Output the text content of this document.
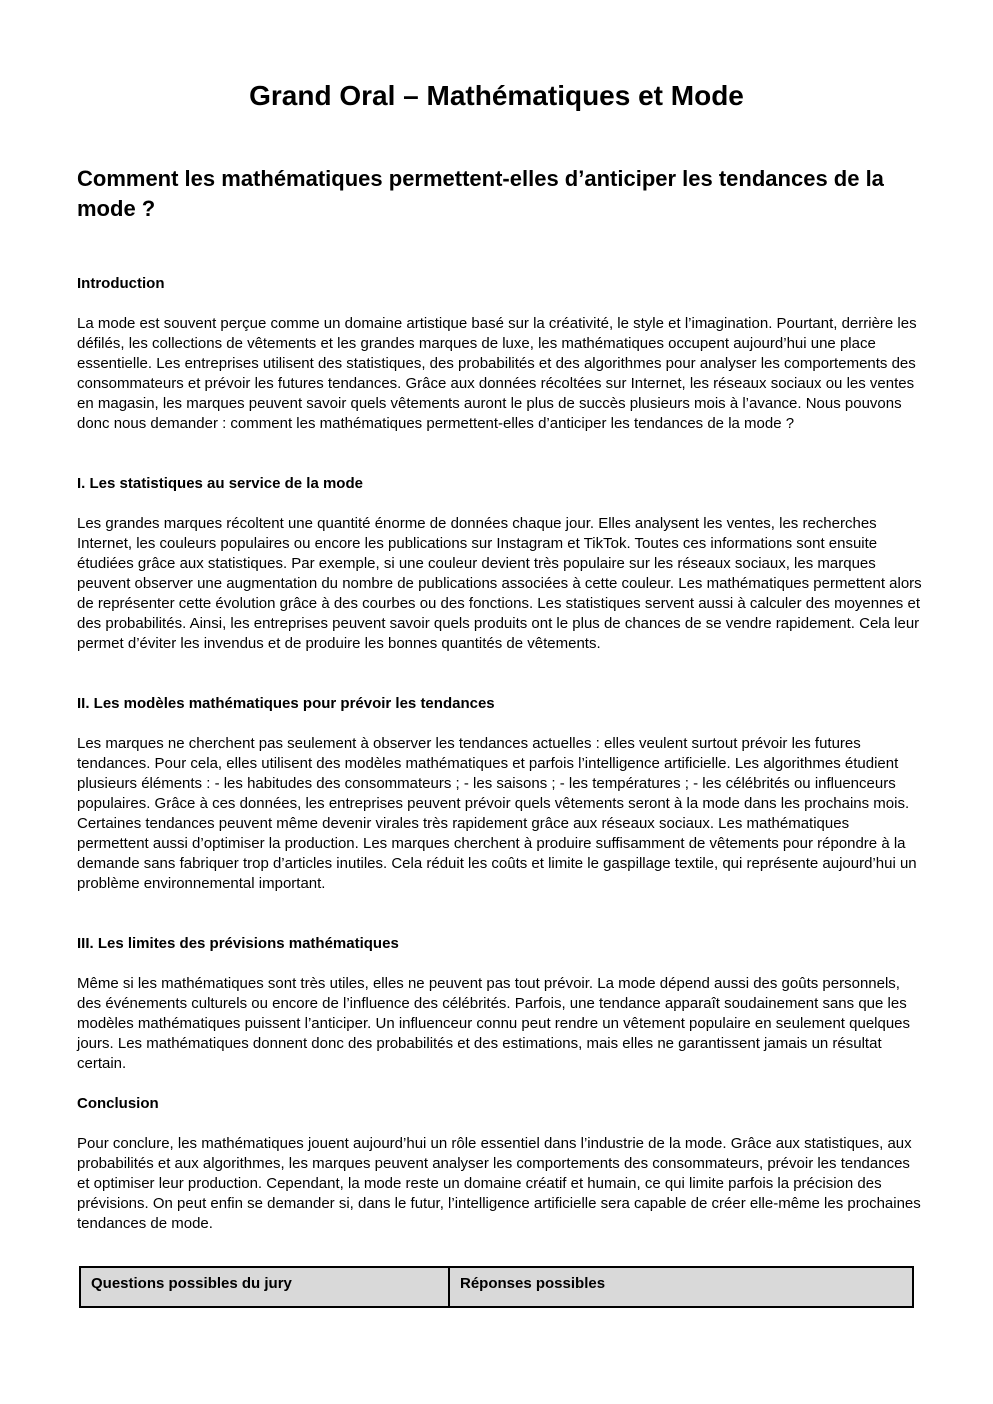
Grand Oral – Mathématiques et Mode
Comment les mathématiques permettent-elles d’anticiper les tendances de la mode ?
Introduction

La mode est souvent perçue comme un domaine artistique basé sur la créativité, le style et l’imagination. Pourtant, derrière les défilés, les collections de vêtements et les grandes marques de luxe, les mathématiques occupent aujourd’hui une place essentielle. Les entreprises utilisent des statistiques, des probabilités et des algorithmes pour analyser les comportements des consommateurs et prévoir les futures tendances. Grâce aux données récoltées sur Internet, les réseaux sociaux ou les ventes en magasin, les marques peuvent savoir quels vêtements auront le plus de succès plusieurs mois à l’avance. Nous pouvons donc nous demander : comment les mathématiques permettent-elles d’anticiper les tendances de la mode ?

I. Les statistiques au service de la mode

Les grandes marques récoltent une quantité énorme de données chaque jour. Elles analysent les ventes, les recherches Internet, les couleurs populaires ou encore les publications sur Instagram et TikTok. Toutes ces informations sont ensuite étudiées grâce aux statistiques. Par exemple, si une couleur devient très populaire sur les réseaux sociaux, les marques peuvent observer une augmentation du nombre de publications associées à cette couleur. Les mathématiques permettent alors de représenter cette évolution grâce à des courbes ou des fonctions. Les statistiques servent aussi à calculer des moyennes et des probabilités. Ainsi, les entreprises peuvent savoir quels produits ont le plus de chances de se vendre rapidement. Cela leur permet d’éviter les invendus et de produire les bonnes quantités de vêtements.

II. Les modèles mathématiques pour prévoir les tendances

Les marques ne cherchent pas seulement à observer les tendances actuelles : elles veulent surtout prévoir les futures tendances. Pour cela, elles utilisent des modèles mathématiques et parfois l’intelligence artificielle. Les algorithmes étudient plusieurs éléments : - les habitudes des consommateurs ; - les saisons ; - les températures ; - les célébrités ou influenceurs populaires. Grâce à ces données, les entreprises peuvent prévoir quels vêtements seront à la mode dans les prochains mois. Certaines tendances peuvent même devenir virales très rapidement grâce aux réseaux sociaux. Les mathématiques permettent aussi d’optimiser la production. Les marques cherchent à produire suffisamment de vêtements pour répondre à la demande sans fabriquer trop d’articles inutiles. Cela réduit les coûts et limite le gaspillage textile, qui représente aujourd’hui un problème environnemental important.

III. Les limites des prévisions mathématiques

Même si les mathématiques sont très utiles, elles ne peuvent pas tout prévoir. La mode dépend aussi des goûts personnels, des événements culturels ou encore de l’influence des célébrités. Parfois, une tendance apparaît soudainement sans que les modèles mathématiques puissent l’anticiper. Un influenceur connu peut rendre un vêtement populaire en seulement quelques jours. Les mathématiques donnent donc des probabilités et des estimations, mais elles ne garantissent jamais un résultat certain.

Conclusion

Pour conclure, les mathématiques jouent aujourd’hui un rôle essentiel dans l’industrie de la mode. Grâce aux statistiques, aux probabilités et aux algorithmes, les marques peuvent analyser les comportements des consommateurs, prévoir les tendances et optimiser leur production. Cependant, la mode reste un domaine créatif et humain, ce qui limite parfois la précision des prévisions. On peut enfin se demander si, dans le futur, l’intelligence artificielle sera capable de créer elle-même les prochaines tendances de mode.

Questions possibles du jury	Réponses possibles
